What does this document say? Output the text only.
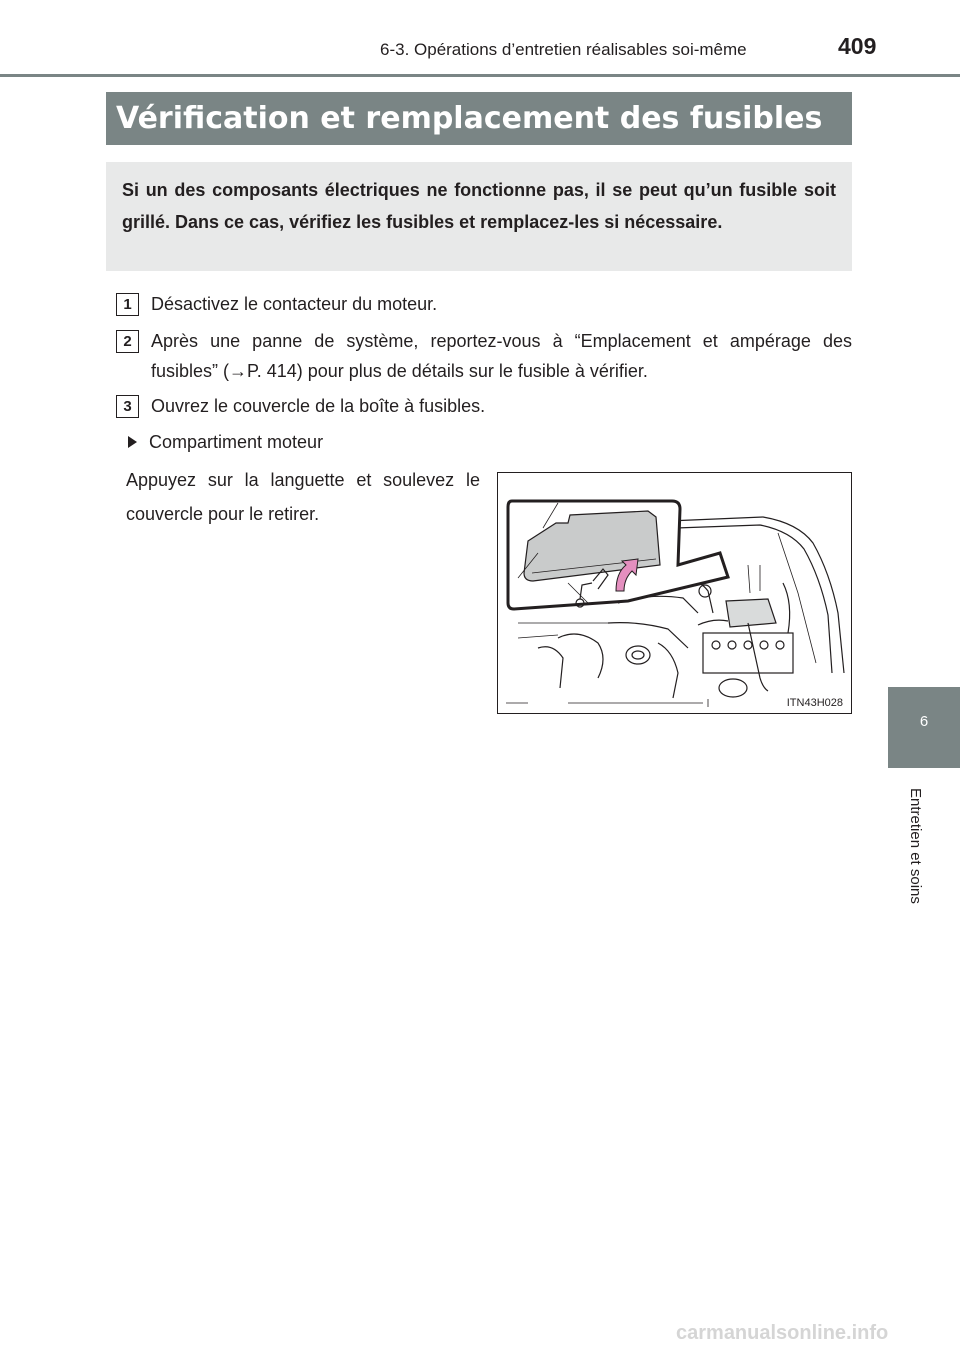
6-3. Opérations d’entretien réalisables soi-même	409
Vérification et remplacement des fusibles
Si un des composants électriques ne fonctionne pas, il se peut qu’un fusible soit grillé. Dans ce cas, vérifiez les fusibles et remplacez-les si nécessaire.
1	Désactivez le contacteur du moteur.
2	Après une panne de système, reportez-vous à “Emplacement et ampérage des fusibles” (→P. 414) pour plus de détails sur le fusible à vérifier.
3	Ouvrez le couvercle de la boîte à fusibles.
Compartiment moteur
Appuyez sur la languette et soulevez le couvercle pour le retirer.
ITN43H028
6
Entretien et soins
carmanualsonline.info
